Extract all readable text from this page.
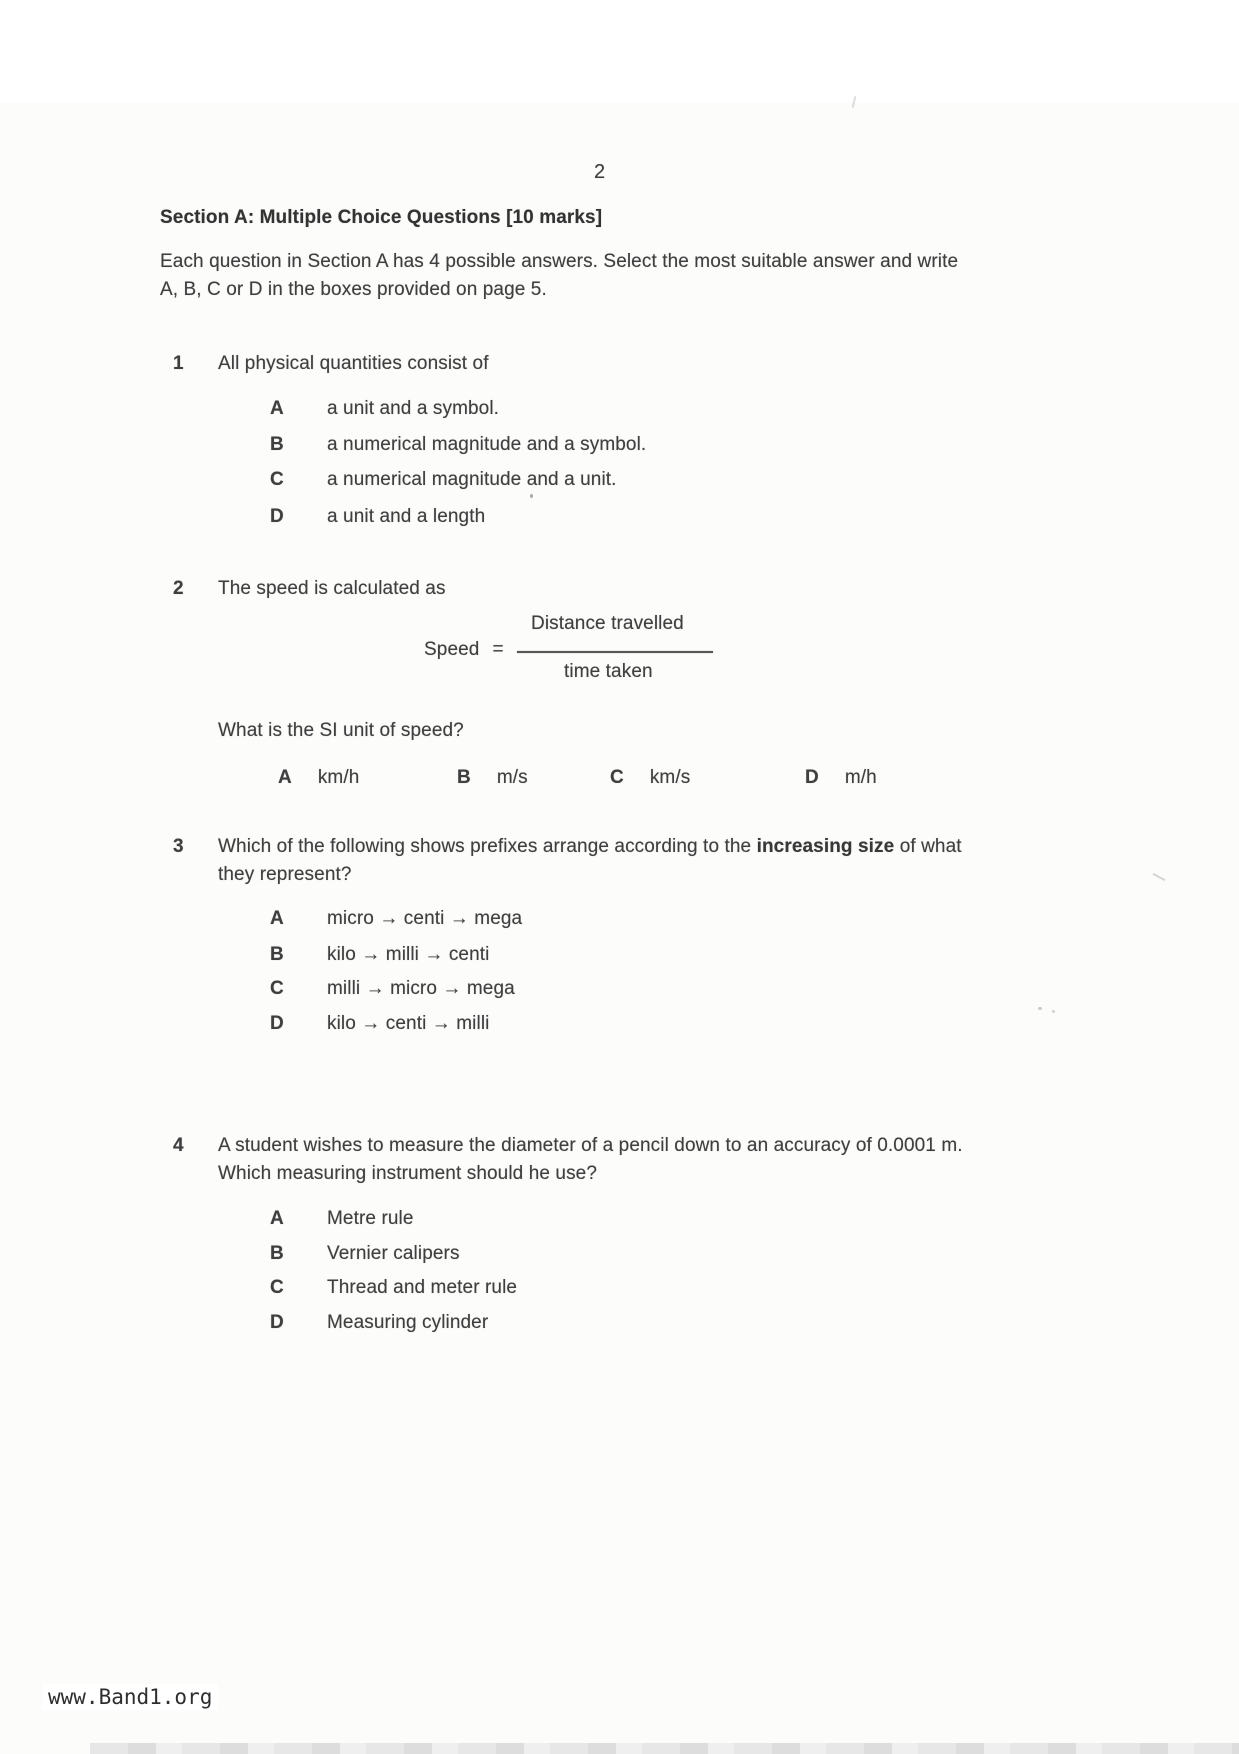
2
Section A: Multiple Choice Questions [10 marks]
Each question in Section A has 4 possible answers. Select the most suitable answer and write
A, B, C or D in the boxes provided on page 5.
1 All physical quantities consist of
A	a unit and a symbol.
B	a numerical magnitude and a symbol.
C	a numerical magnitude and a unit.
D	a unit and a length
2 The speed is calculated as
Distance travelled
Speed =
time taken
What is the SI unit of speed?
A km/h	B m/s	C km/s	D m/h
3 Which of the following shows prefixes arrange according to the increasing size of what
they represent?
A	micro → centi → mega
B	kilo → milli → centi
C	milli → micro → mega
D	kilo → centi → milli
4 A student wishes to measure the diameter of a pencil down to an accuracy of 0.0001 m.
Which measuring instrument should he use?
A	Metre rule
B	Vernier calipers
C	Thread and meter rule
D	Measuring cylinder
www.Band1.org
